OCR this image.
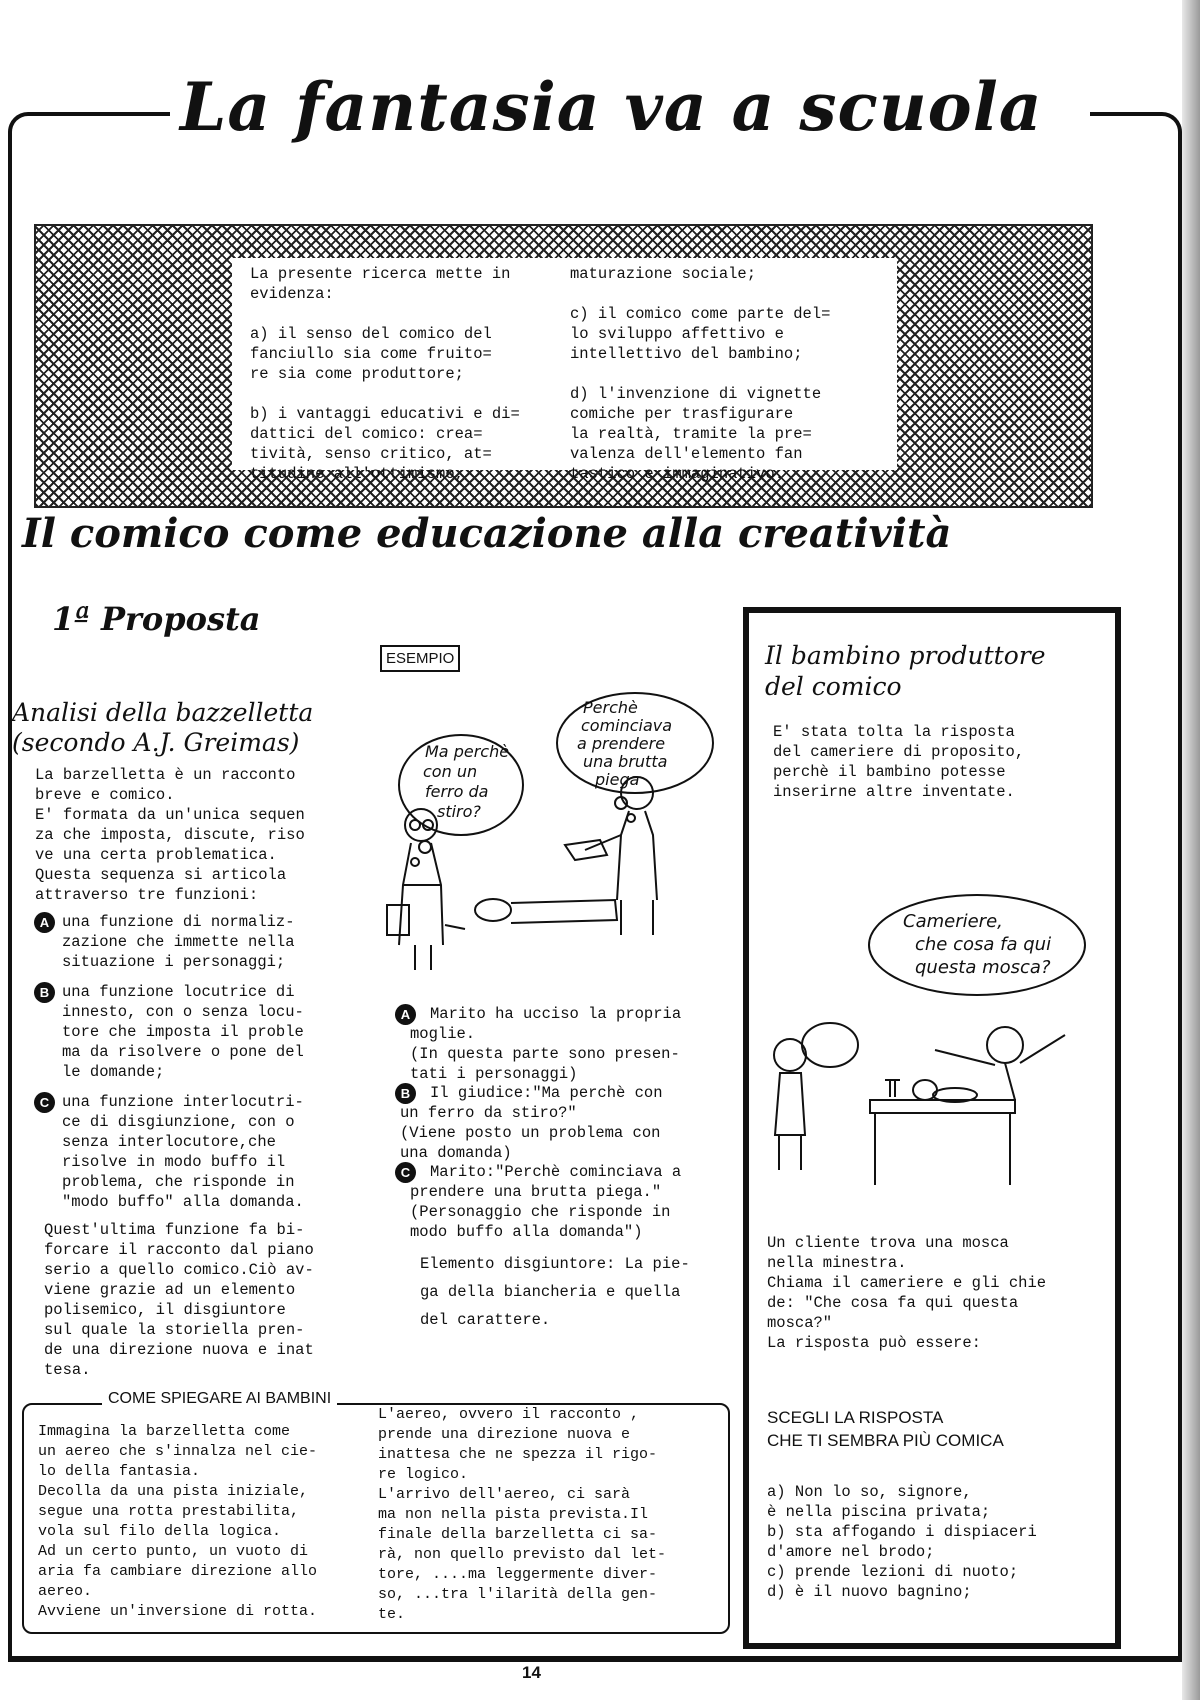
La fantasia va a scuola
La presente ricerca mette in
evidenza:

a) il senso del comico del
fanciullo sia come fruito=
re sia come produttore;

b) i vantaggi educativi e di=
dattici del comico: crea=
tività, senso critico, at=
titudine all'ottimismo,
maturazione sociale;

c) il comico come parte del=
lo sviluppo affettivo e
intellettivo del bambino;

d) l'invenzione di vignette
comiche per trasfigurare
la realtà, tramite la pre=
valenza dell'elemento fan
tastico e immaginativo.
Il comico come educazione alla creatività
1ª Proposta
Analisi della bazzelletta
(secondo A.J. Greimas)
La barzelletta è un racconto
breve e comico.
E' formata da un'unica sequen
za che imposta, discute, riso
ve una certa problematica.
Questa sequenza si articola
attraverso tre funzioni:
A una funzione di normaliz-
zazione che immette nella
situazione i personaggi;
B una funzione locutrice di
innesto, con o senza locu-
tore che imposta il proble
ma da risolvere o pone del
le domande;
C una funzione interlocutri-
ce di disgiunzione, con o
senza interlocutore,che
risolve in modo buffo il
problema, che risponde in
"modo buffo" alla domanda.
Quest'ultima funzione fa bi-
forcare il racconto dal piano
serio a quello comico.Ciò av-
viene grazie ad un elemento
polisemico, il disgiuntore
sul quale la storiella pren-
de una direzione nuova e inat
tesa.
ESEMPIO
Ma perchè
con un
ferro da
stiro?
Perchè
cominciava
a prendere
una brutta
piega
A	Marito ha ucciso la propria
moglie.
(In questa parte sono presen-
tati i personaggi)
B	Il giudice:"Ma perchè con
un ferro da stiro?"
(Viene posto un problema con
una domanda)
C	Marito:"Perchè cominciava a
prendere una brutta piega."
(Personaggio che risponde in
modo buffo alla domanda")
Elemento disgiuntore: La pie-
ga della biancheria e quella
del carattere.
Il bambino produttore
del comico
E' stata tolta la risposta
del cameriere di proposito,
perchè il bambino potesse
inserirne altre inventate.
Cameriere,
che cosa fa qui
questa mosca?
Un cliente trova una mosca
nella minestra.
Chiama il cameriere e gli chie
de: "Che cosa fa qui questa
mosca?"
La risposta può essere:
SCEGLI LA RISPOSTA
CHE TI SEMBRA PIÙ COMICA
a) Non lo so, signore,
è nella piscina privata;
b) sta affogando i dispiaceri
d'amore nel brodo;
c) prende lezioni di nuoto;
d) è il nuovo bagnino;
COME SPIEGARE AI BAMBINI
Immagina la barzelletta come
un aereo che s'innalza nel cie-
lo della fantasia.
Decolla da una pista iniziale,
segue una rotta prestabilita,
vola sul filo della logica.
Ad un certo punto, un vuoto di
aria fa cambiare direzione allo
aereo.
Avviene un'inversione di rotta.
L'aereo, ovvero il racconto ,
prende una direzione nuova e
inattesa che ne spezza il rigo-
re logico.
L'arrivo dell'aereo, ci sarà
ma non nella pista prevista.Il
finale della barzelletta ci sa-
rà, non quello previsto dal let-
tore, ....ma leggermente diver-
so, ...tra l'ilarità della gen-
te.
14
